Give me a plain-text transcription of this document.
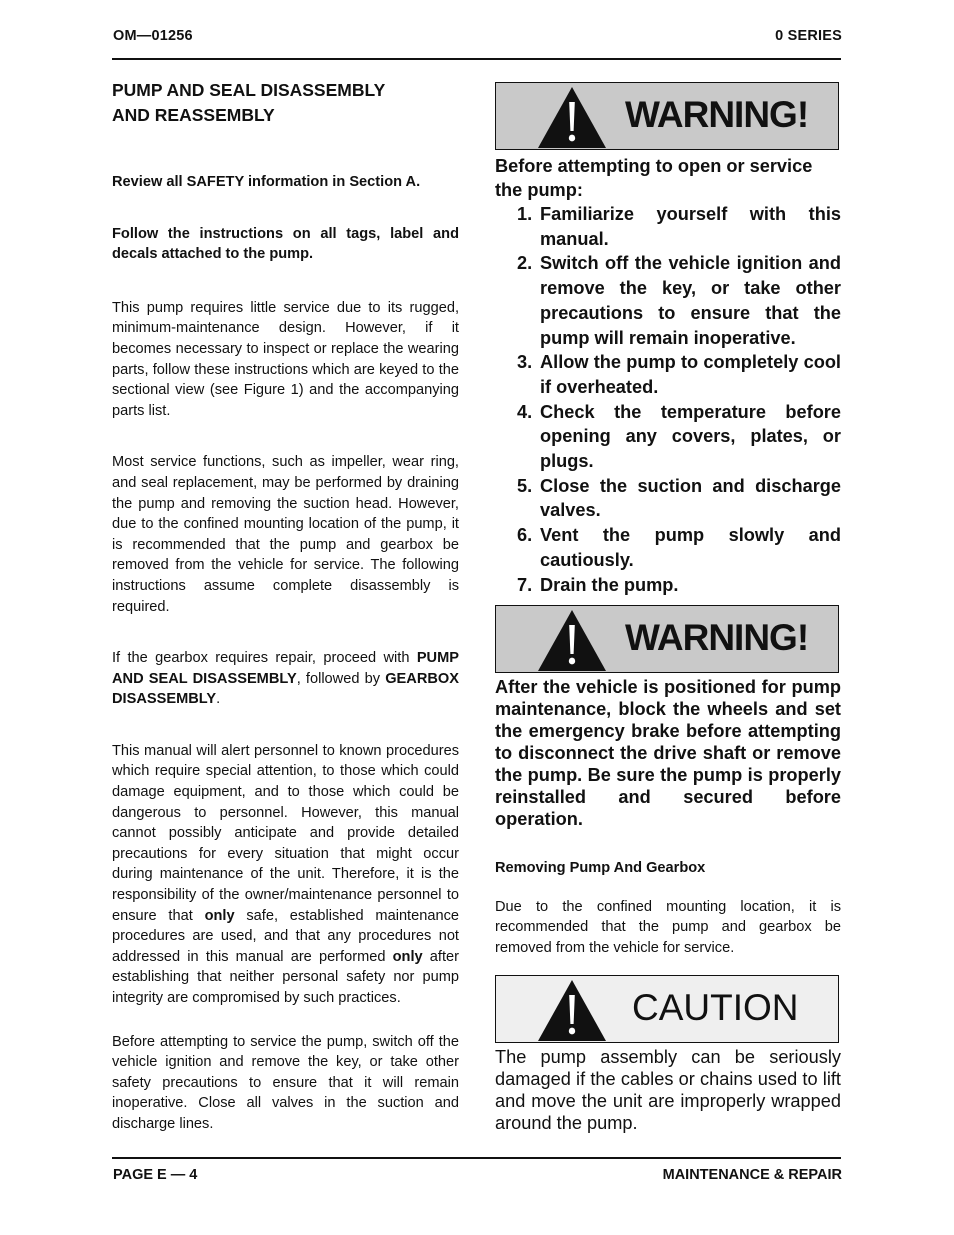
OM—01256	0 SERIES
PUMP AND SEAL DISASSEMBLY
AND REASSEMBLY

Review all SAFETY information in Section A.

Follow the instructions on all tags, label and decals attached to the pump.

This pump requires little service due to its rugged, minimum-maintenance design. However, if it becomes necessary to inspect or replace the wearing parts, follow these instructions which are keyed to the sectional view (see Figure 1) and the accompanying parts list.

Most service functions, such as impeller, wear ring, and seal replacement, may be performed by draining the pump and removing the suction head. However, due to the confined mounting location of the pump, it is recommended that the pump and gearbox be removed from the vehicle for service. The following instructions assume complete disassembly is required.

If the gearbox requires repair, proceed with PUMP AND SEAL DISASSEMBLY, followed by GEARBOX DISASSEMBLY.

This manual will alert personnel to known procedures which require special attention, to those which could damage equipment, and to those which could be dangerous to personnel. However, this manual cannot possibly anticipate and provide detailed precautions for every situation that might occur during maintenance of the unit. Therefore, it is the responsibility of the owner/maintenance personnel to ensure that only safe, established maintenance procedures are used, and that any procedures not addressed in this manual are performed only after establishing that neither personal safety nor pump integrity are compromised by such practices.

Before attempting to service the pump, switch off the vehicle ignition and remove the key, or take other safety precautions to ensure that it will remain inoperative. Close all valves in the suction and discharge lines.

WARNING!

Before attempting to open or service the pump:

1. Familiarize yourself with this manual.
2. Switch off the vehicle ignition and remove the key, or take other precautions to ensure that the pump will remain inoperative.
3. Allow the pump to completely cool if overheated.
4. Check the temperature before opening any covers, plates, or plugs.
5. Close the suction and discharge valves.
6. Vent the pump slowly and cautiously.
7. Drain the pump.
WARNING!

After the vehicle is positioned for pump maintenance, block the wheels and set the emergency brake before attempting to disconnect the drive shaft or remove the pump. Be sure the pump is properly reinstalled and secured before operation.

Removing Pump And Gearbox

Due to the confined mounting location, it is recommended that the pump and gearbox be removed from the vehicle for service.

CAUTION

The pump assembly can be seriously damaged if the cables or chains used to lift and move the unit are improperly wrapped around the pump.

PAGE E — 4	MAINTENANCE & REPAIR
